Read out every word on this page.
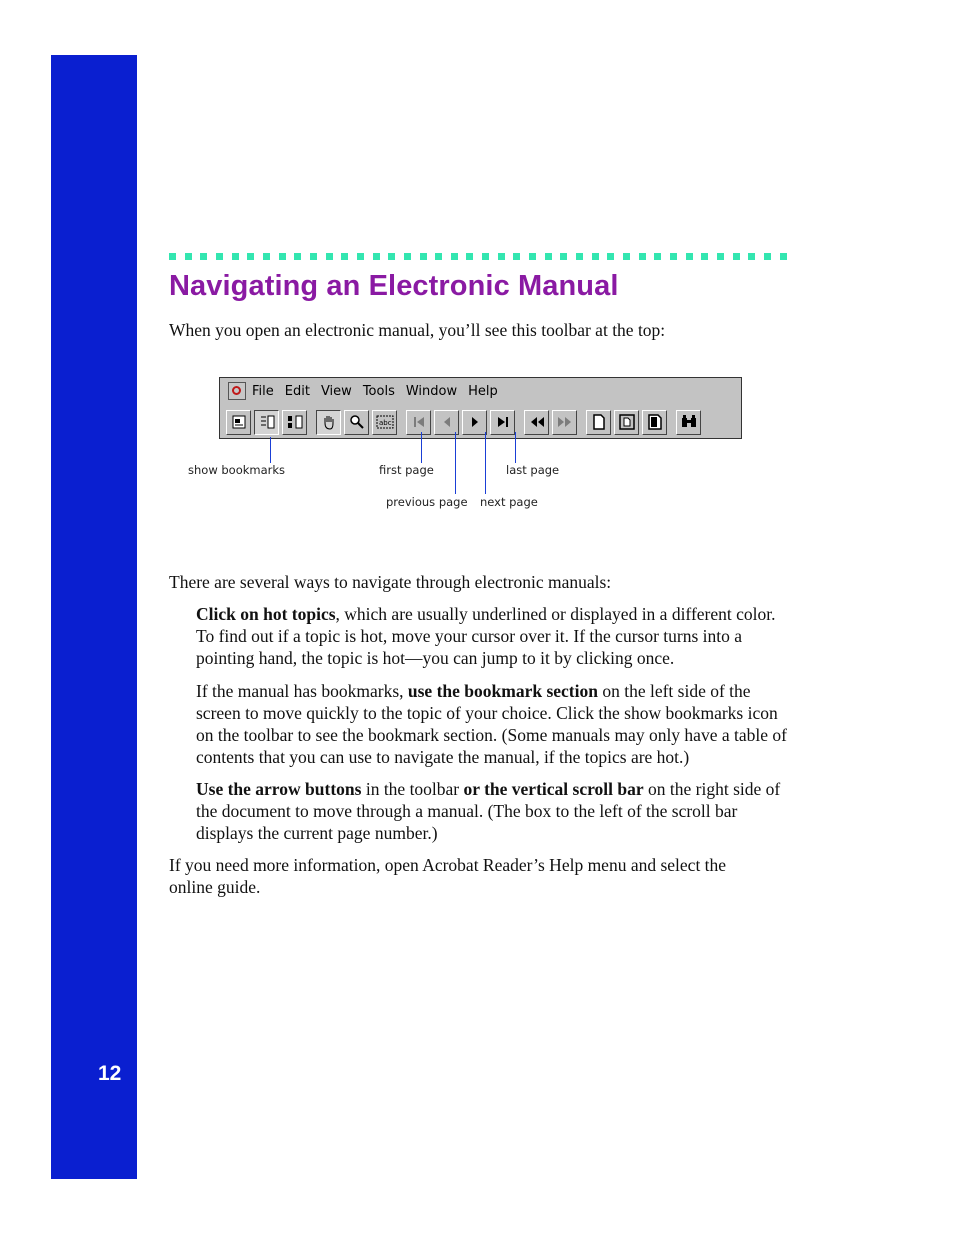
12
Navigating an Electronic Manual

When you open an electronic manual, you’ll see this toolbar at the top:

File Edit View Tools Window Help
abc
show bookmarks	first page	last page
previous page next page

There are several ways to navigate through electronic manuals:

Click on hot topics, which are usually underlined or displayed in a different color. To find out if a topic is hot, move your cursor over it. If the cursor turns into a pointing hand, the topic is hot—you can jump to it by clicking once.

If the manual has bookmarks, use the bookmark section on the left side of the screen to move quickly to the topic of your choice. Click the show bookmarks icon on the toolbar to see the bookmark section. (Some manuals may only have a table of contents that you can use to navigate the manual, if the topics are hot.)

Use the arrow buttons in the toolbar or the vertical scroll bar on the right side of the document to move through a manual. (The box to the left of the scroll bar displays the current page number.)

If you need more information, open Acrobat Reader’s Help menu and select the online guide.
